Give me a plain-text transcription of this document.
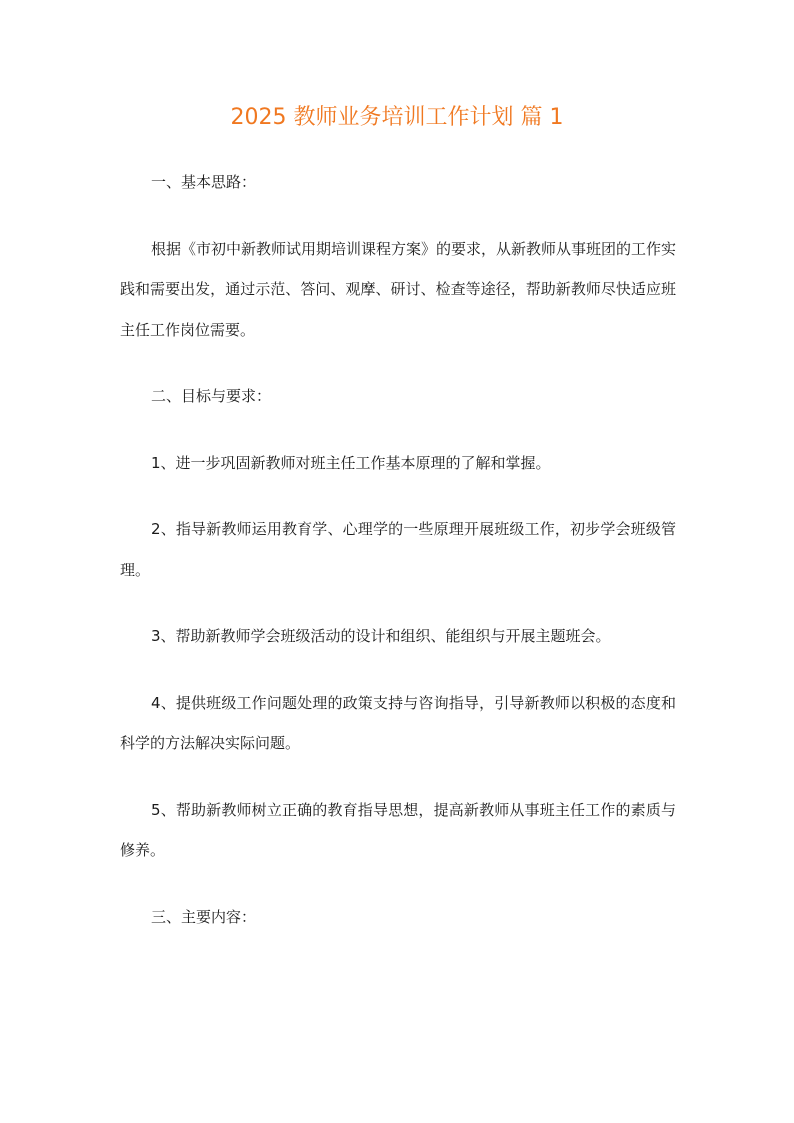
2025 教师业务培训工作计划 篇 1

一、基本思路：

根据《市初中新教师试用期培训课程方案》的要求，从新教师从事班团的工作实践和需要出发，通过示范、答问、观摩、研讨、检查等途径，帮助新教师尽快适应班主任工作岗位需要。

二、目标与要求：

1、进一步巩固新教师对班主任工作基本原理的了解和掌握。

2、指导新教师运用教育学、心理学的一些原理开展班级工作，初步学会班级管理。

3、帮助新教师学会班级活动的设计和组织、能组织与开展主题班会。

4、提供班级工作问题处理的政策支持与咨询指导，引导新教师以积极的态度和科学的方法解决实际问题。

5、帮助新教师树立正确的教育指导思想，提高新教师从事班主任工作的素质与修养。

三、主要内容：
